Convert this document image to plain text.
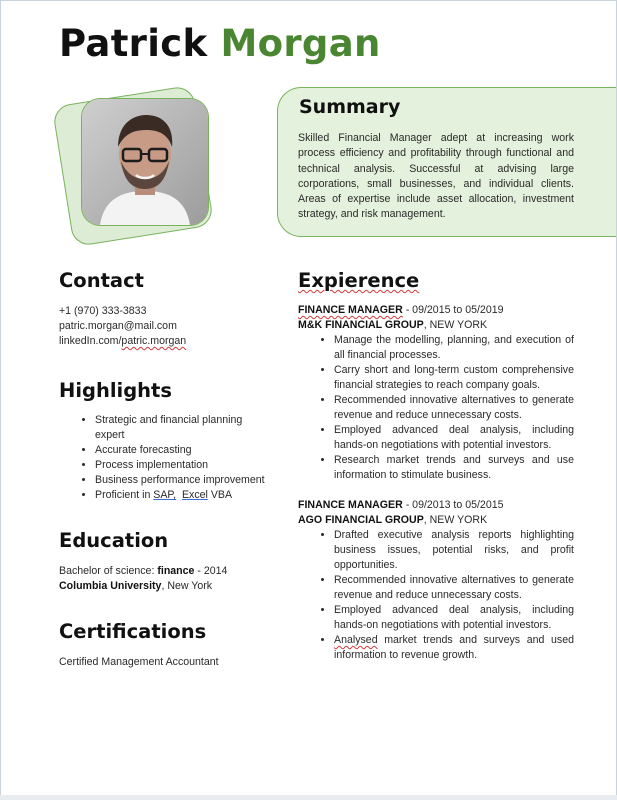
Patrick Morgan
Summary

Skilled Financial Manager adept at increasing work process efficiency and profitability through functional and technical analysis. Successful at advising large corporations, small businesses, and individual clients. Areas of expertise include asset allocation, investment strategy, and risk management.

Contact

+1 (970) 333-3833

patric.morgan@mail.com

linkedIn.com/patric.morgan

Highlights
• Strategic and financial planning expert
• Accurate forecasting
• Process implementation
• Business performance improvement
• Proficient in SAP, Excel VBA
Education

Bachelor of science: finance - 2014

Columbia University, New York

Certifications

Certified Management Accountant

Expierence

FINANCE MANAGER - 09/2015 to 05/2019

M&K FINANCIAL GROUP, NEW YORK

• Manage the modelling, planning, and execution of all financial processes.
• Carry short and long-term custom comprehensive financial strategies to reach company goals.
• Recommended innovative alternatives to generate revenue and reduce unnecessary costs.
• Employed advanced deal analysis, including hands-on negotiations with potential investors.
• Research market trends and surveys and use information to stimulate business.

FINANCE MANAGER - 09/2013 to 05/2015

AGO FINANCIAL GROUP, NEW YORK

• Drafted executive analysis reports highlighting business issues, potential risks, and profit opportunities.
• Recommended innovative alternatives to generate revenue and reduce unnecessary costs.
• Employed advanced deal analysis, including hands-on negotiations with potential investors.
• Analysed market trends and surveys and used information to revenue growth.
